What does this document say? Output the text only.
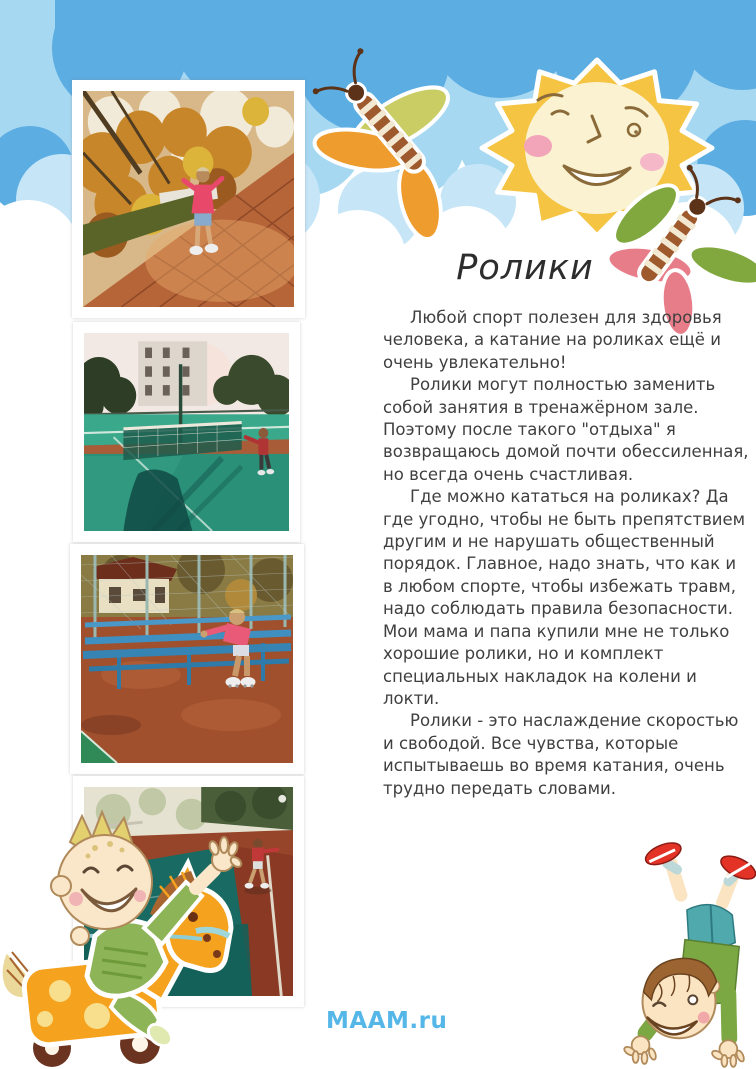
Ролики

Любой спорт полезен для здоровья человека, а катание на роликах ещё и очень увлекательно!

Ролики могут полностью заменить собой занятия в тренажёрном зале. Поэтому после такого "отдыха" я возвращаюсь домой почти обессиленная, но всегда очень счастливая.

Где можно кататься на роликах? Да где угодно, чтобы не быть препятствием другим и не нарушать общественный порядок. Главное, надо знать, что как и в любом спорте, чтобы избежать травм, надо соблюдать правила безопасности. Мои мама и папа купили мне не только хорошие ролики, но и комплект специальных накладок на колени и локти.

Ролики - это наслаждение скоростью и свободой. Все чувства, которые испытываешь во время катания, очень трудно передать словами.

МААМ.ru
